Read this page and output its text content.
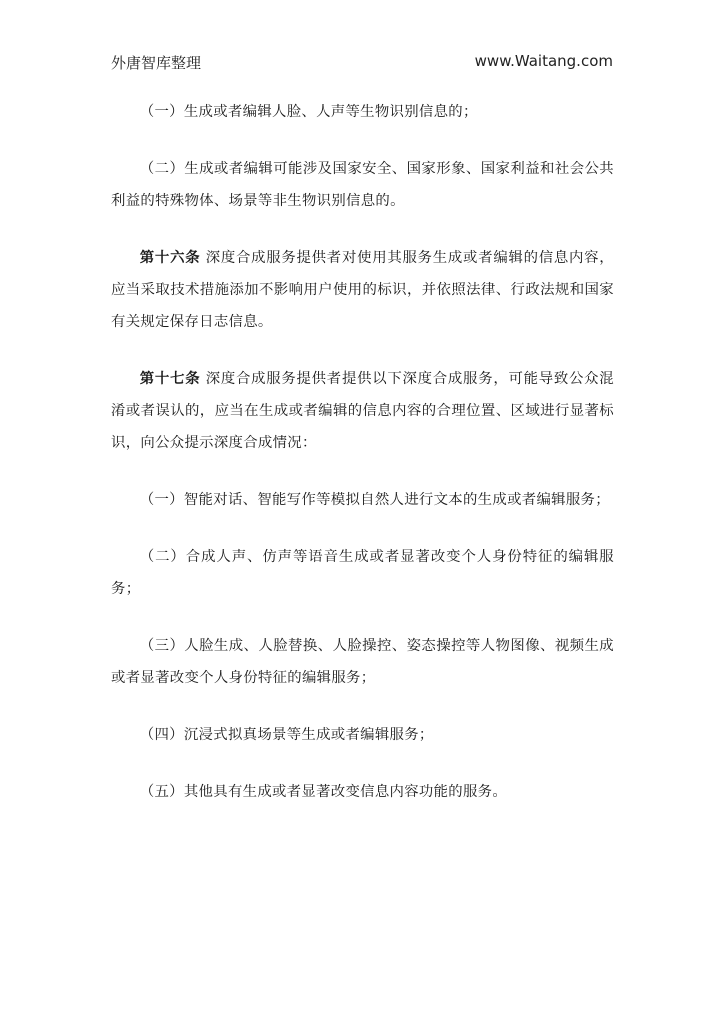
外唐智库整理	www.Waitang.com

（一）生成或者编辑人脸、人声等生物识别信息的；

（二）生成或者编辑可能涉及国家安全、国家形象、国家利益和社会公共利益的特殊物体、场景等非生物识别信息的。

第十六条 深度合成服务提供者对使用其服务生成或者编辑的信息内容，应当采取技术措施添加不影响用户使用的标识，并依照法律、行政法规和国家有关规定保存日志信息。

第十七条 深度合成服务提供者提供以下深度合成服务，可能导致公众混淆或者误认的，应当在生成或者编辑的信息内容的合理位置、区域进行显著标识，向公众提示深度合成情况：

（一）智能对话、智能写作等模拟自然人进行文本的生成或者编辑服务；

（二）合成人声、仿声等语音生成或者显著改变个人身份特征的编辑服务；

（三）人脸生成、人脸替换、人脸操控、姿态操控等人物图像、视频生成或者显著改变个人身份特征的编辑服务；

（四）沉浸式拟真场景等生成或者编辑服务；

（五）其他具有生成或者显著改变信息内容功能的服务。
